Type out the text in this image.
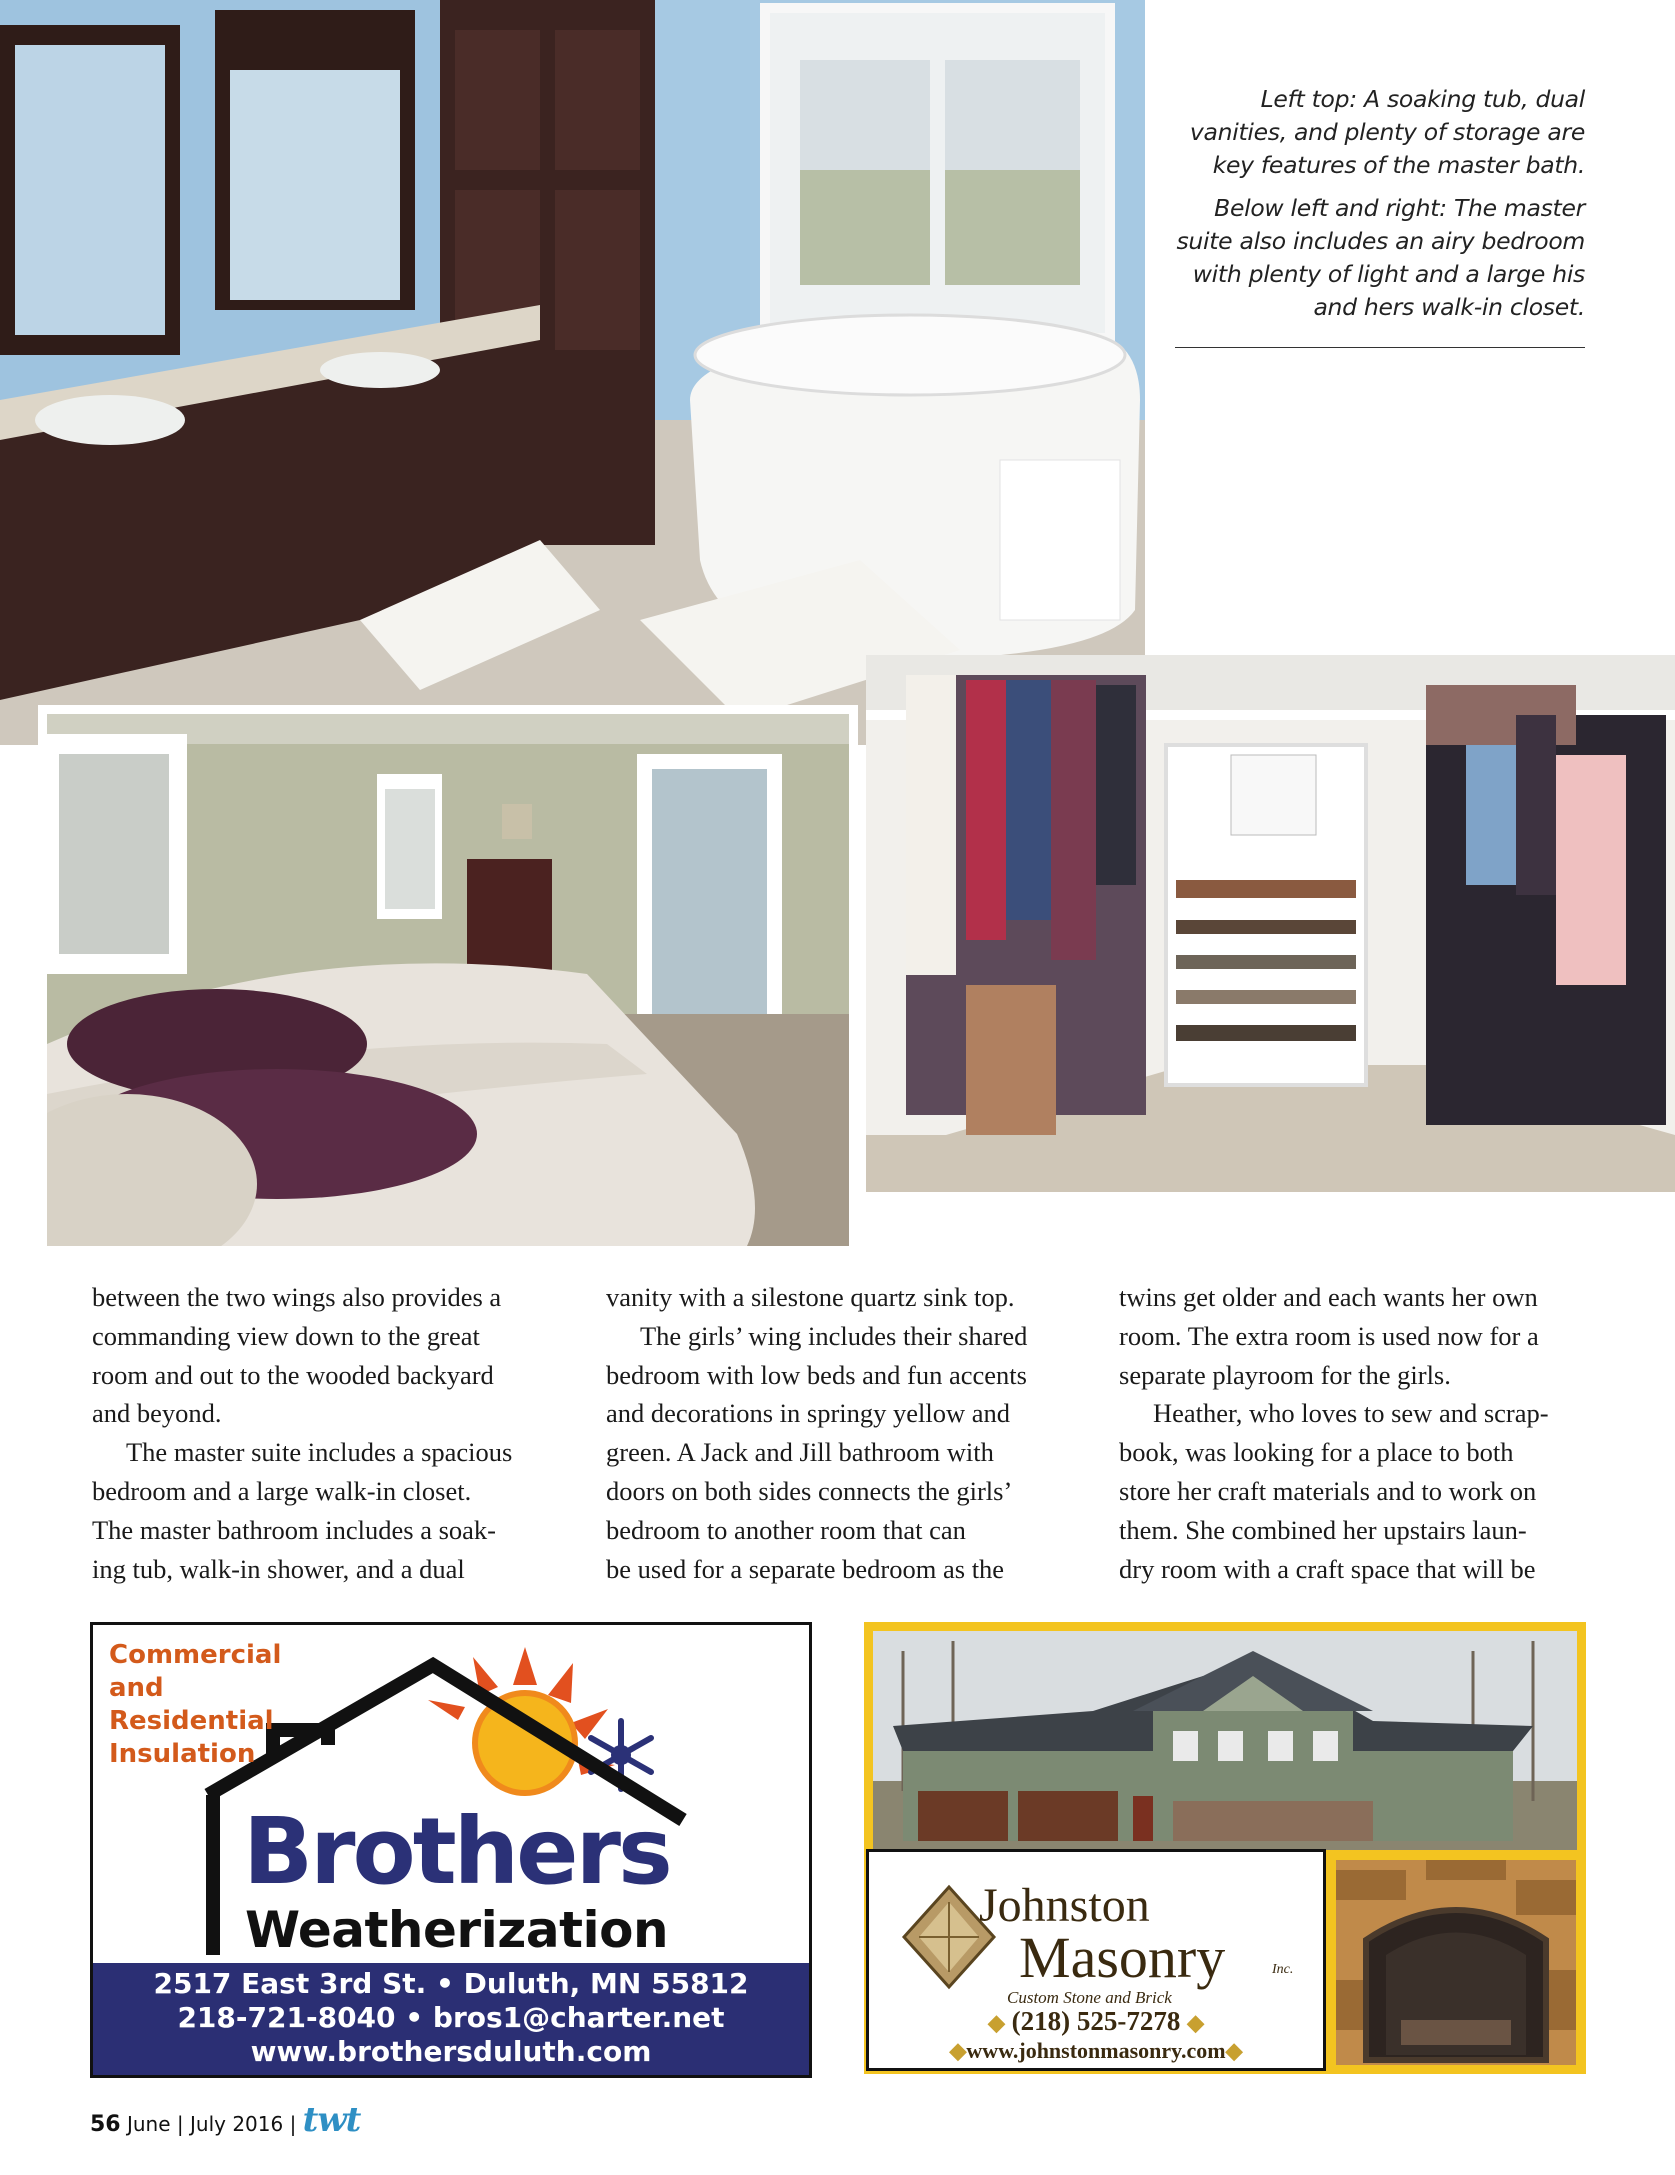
Left top: A soaking tub, dual vanities, and plenty of storage are key features of the master bath.

Below left and right: The master suite also includes an airy bedroom with plenty of light and a large his and hers walk-in closet.

between the two wings also provides a

commanding view down to the great

room and out to the wooded backyard

and beyond.

The master suite includes a spacious

bedroom and a large walk-in closet.

The master bathroom includes a soak-

ing tub, walk-in shower, and a dual

vanity with a silestone quartz sink top.

The girls’ wing includes their shared

bedroom with low beds and fun accents

and decorations in springy yellow and

green. A Jack and Jill bathroom with

doors on both sides connects the girls’

bedroom to another room that can

be used for a separate bedroom as the

twins get older and each wants her own

room. The extra room is used now for a

separate playroom for the girls.

Heather, who loves to sew and scrap-

book, was looking for a place to both

store her craft materials and to work on

them. She combined her upstairs laun-

dry room with a craft space that will be

Commercial
and
Residential
Insulation
Brothers
Weatherization
2517 East 3rd St. • Duluth, MN 55812
218-721-8040 • bros1@charter.net
www.brothersduluth.com
Johnston
Masonry	Inc.
Custom Stone and Brick
◆ (218) 525-7278 ◆
◆www.johnstonmasonry.com◆
56 June | July 2016 | twt
